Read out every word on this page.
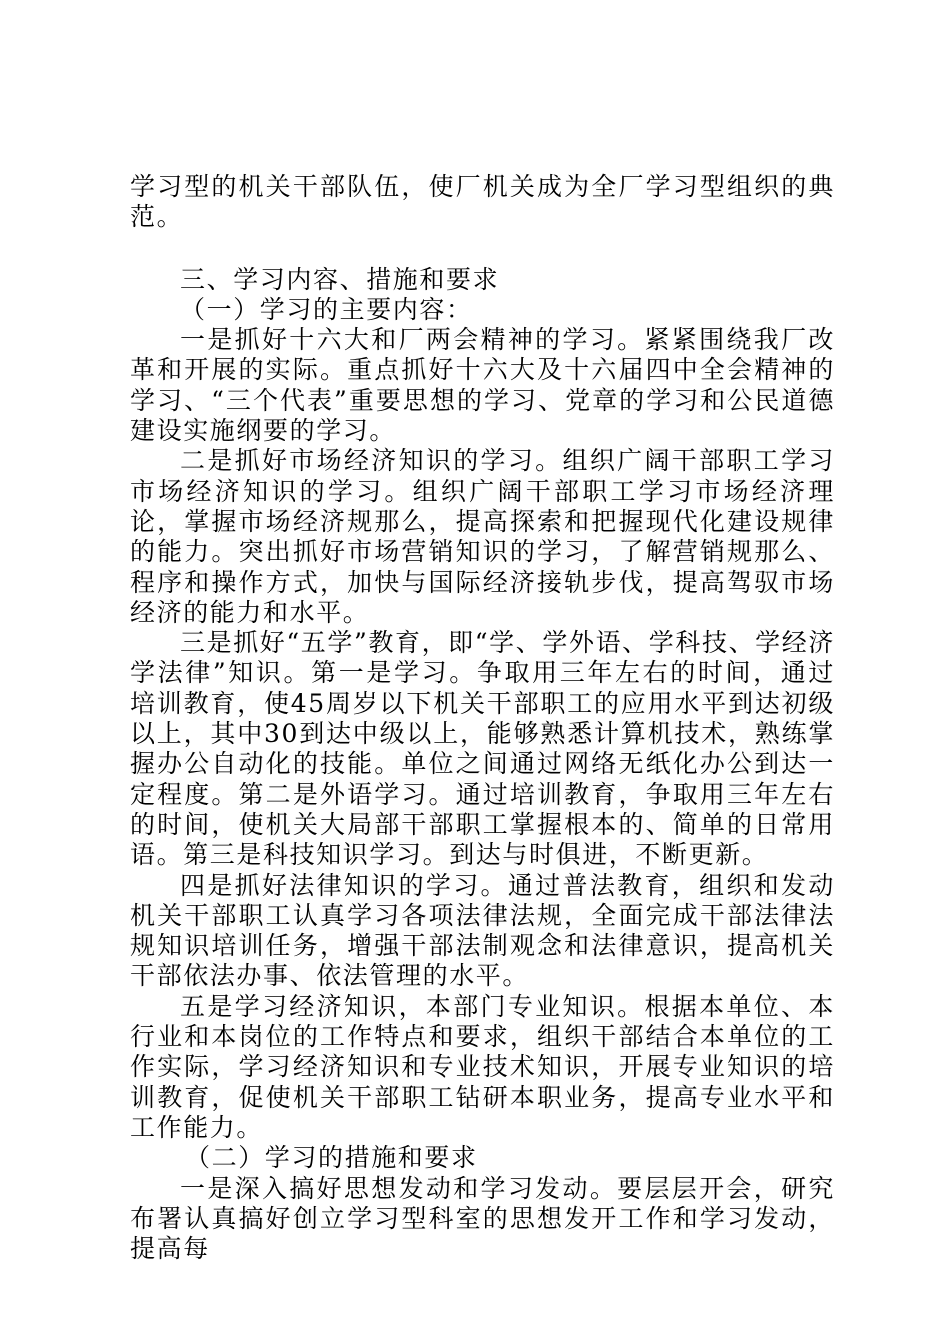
学习型的机关干部队伍，使厂机关成为全厂学习型组织的典范。

三、学习内容、措施和要求

（一）学习的主要内容：

一是抓好十六大和厂两会精神的学习。紧紧围绕我厂改革和开展的实际。重点抓好十六大及十六届四中全会精神的学习、“三个代表”重要思想的学习、党章的学习和公民道德建设实施纲要的学习。

二是抓好市场经济知识的学习。组织广阔干部职工学习市场经济知识的学习。组织广阔干部职工学习市场经济理论，掌握市场经济规那么，提高探索和把握现代化建设规律的能力。突出抓好市场营销知识的学习，了解营销规那么、程序和操作方式，加快与国际经济接轨步伐，提高驾驭市场经济的能力和水平。

三是抓好“五学”教育，即“学、学外语、学科技、学经济学法律”知识。第一是学习。争取用三年左右的时间，通过培训教育，使45周岁以下机关干部职工的应用水平到达初级以上，其中30到达中级以上，能够熟悉计算机技术，熟练掌握办公自动化的技能。单位之间通过网络无纸化办公到达一定程度。第二是外语学习。通过培训教育，争取用三年左右的时间，使机关大局部干部职工掌握根本的、简单的日常用语。第三是科技知识学习。到达与时俱进，不断更新。

四是抓好法律知识的学习。通过普法教育，组织和发动机关干部职工认真学习各项法律法规，全面完成干部法律法规知识培训任务，增强干部法制观念和法律意识，提高机关干部依法办事、依法管理的水平。

五是学习经济知识，本部门专业知识。根据本单位、本行业和本岗位的工作特点和要求，组织干部结合本单位的工作实际，学习经济知识和专业技术知识，开展专业知识的培训教育，促使机关干部职工钻研本职业务，提高专业水平和工作能力。

（二）学习的措施和要求

一是深入搞好思想发动和学习发动。要层层开会，研究布署认真搞好创立学习型科室的思想发开工作和学习发动，提高每
